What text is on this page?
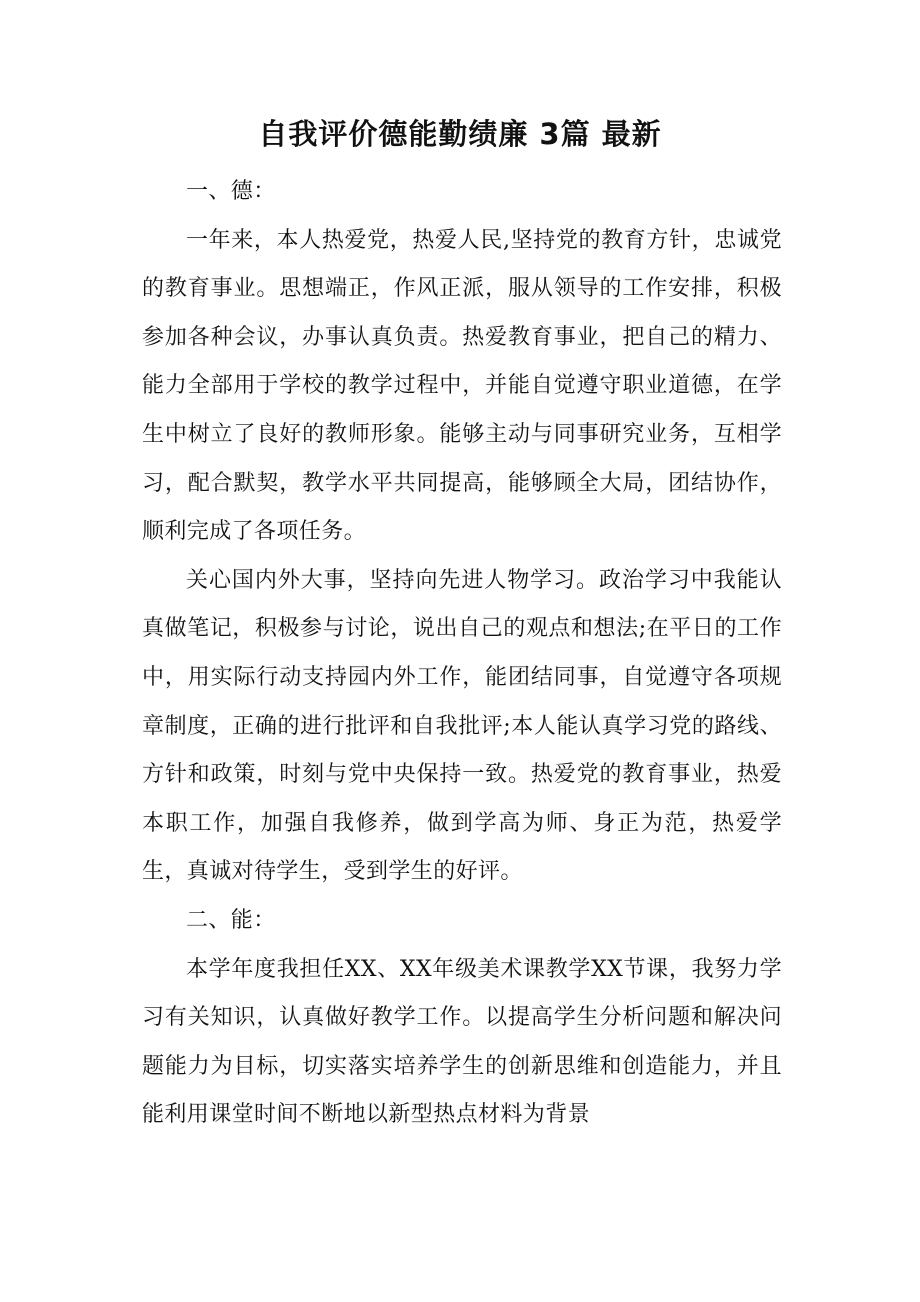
自我评价德能勤绩廉 3篇 最新

一、德：

一年来，本人热爱党，热爱人民,坚持党的教育方针，忠诚党的教育事业。思想端正，作风正派，服从领导的工作安排，积极参加各种会议，办事认真负责。热爱教育事业，把自己的精力、能力全部用于学校的教学过程中，并能自觉遵守职业道德，在学生中树立了良好的教师形象。能够主动与同事研究业务，互相学习，配合默契，教学水平共同提高，能够顾全大局，团结协作，顺利完成了各项任务。

关心国内外大事，坚持向先进人物学习。政治学习中我能认真做笔记，积极参与讨论，说出自己的观点和想法;在平日的工作中，用实际行动支持园内外工作，能团结同事，自觉遵守各项规章制度，正确的进行批评和自我批评;本人能认真学习党的路线、方针和政策，时刻与党中央保持一致。热爱党的教育事业，热爱本职工作，加强自我修养，做到学高为师、身正为范，热爱学生，真诚对待学生，受到学生的好评。

二、能：

本学年度我担任XX、XX年级美术课教学XX节课，我努力学习有关知识，认真做好教学工作。以提高学生分析问题和解决问题能力为目标，切实落实培养学生的创新思维和创造能力，并且能利用课堂时间不断地以新型热点材料为背景
